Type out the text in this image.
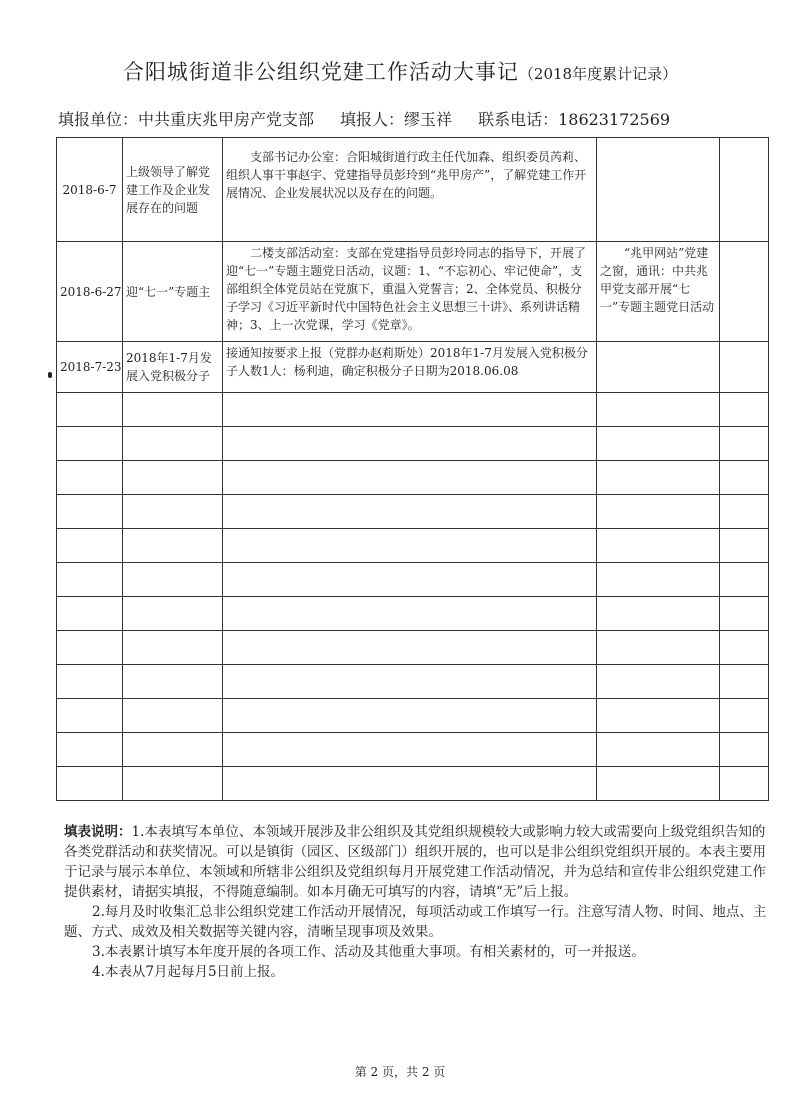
合阳城街道非公组织党建工作活动大事记（2018年度累计记录）
填报单位：中共重庆兆甲房产党支部 填报人：缪玉祥 联系电话：18623172569
2018-6-7	上级领导了解党建工作及企业发展存在的问题	支部书记办公室：合阳城街道行政主任代加森、组织委员芮莉、组织人事干事赵宇、党建指导员彭玲到“兆甲房产”，了解党建工作开展情况、企业发展状况以及存在的问题。		
2018-6-27	迎“七一”专题主	二楼支部活动室：支部在党建指导员彭玲同志的指导下，开展了迎“七一”专题主题党日活动，议题：1、“不忘初心、牢记使命”，支部组织全体党员站在党旗下，重温入党誓言；2、全体党员、积极分子学习《习近平新时代中国特色社会主义思想三十讲》、系列讲话精神；3、上一次党课，学习《党章》。	“兆甲网站”党建之窗，通讯：中共兆甲党支部开展“七一”专题主题党日活动	
2018-7-23	2018年1-7月发展入党积极分子	接通知按要求上报（党群办赵莉斯处）2018年1-7月发展入党积极分子人数1人：杨利迪，确定积极分子日期为2018.06.08		

填表说明：1.本表填写本单位、本领域开展涉及非公组织及其党组织规模较大或影响力较大或需要向上级党组织告知的各类党群活动和获奖情况。可以是镇街（园区、区级部门）组织开展的，也可以是非公组织党组织开展的。本表主要用于记录与展示本单位、本领域和所辖非公组织及党组织每月开展党建工作活动情况，并为总结和宣传非公组织党建工作提供素材，请据实填报，不得随意编制。如本月确无可填写的内容，请填“无”后上报。

2.每月及时收集汇总非公组织党建工作活动开展情况，每项活动或工作填写一行。注意写清人物、时间、地点、主题、方式、成效及相关数据等关键内容，清晰呈现事项及效果。

3.本表累计填写本年度开展的各项工作、活动及其他重大事项。有相关素材的，可一并报送。

4.本表从7月起每月5日前上报。

第 2 页，共 2 页
